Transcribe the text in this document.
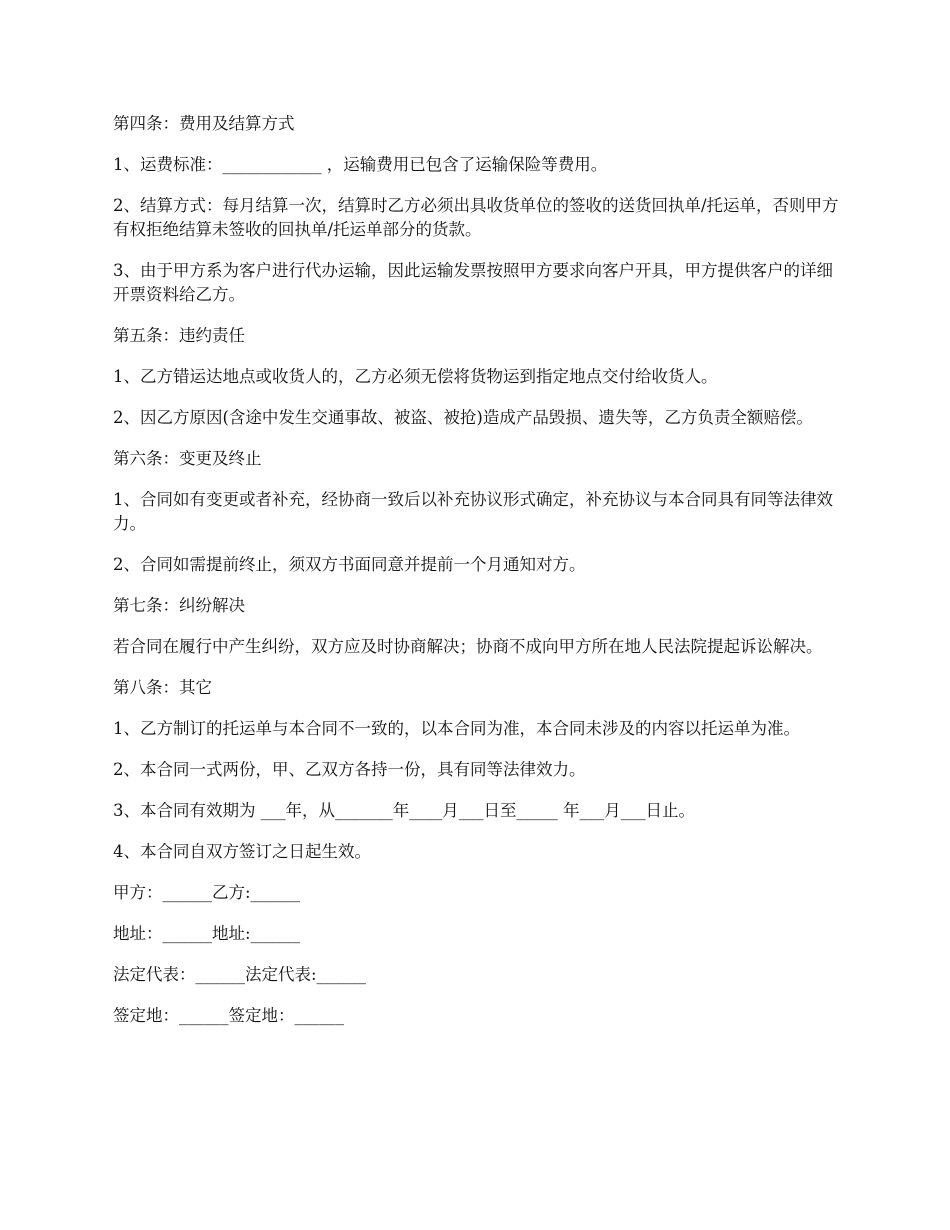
第四条：费用及结算方式

1、运费标准：____________ ，运输费用已包含了运输保险等费用。

2、结算方式：每月结算一次，结算时乙方必须出具收货单位的签收的送货回执单/托运单，否则甲方有权拒绝结算未签收的回执单/托运单部分的货款。

3、由于甲方系为客户进行代办运输，因此运输发票按照甲方要求向客户开具，甲方提供客户的详细开票资料给乙方。

第五条：违约责任

1、乙方错运达地点或收货人的，乙方必须无偿将货物运到指定地点交付给收货人。

2、因乙方原因(含途中发生交通事故、被盗、被抢)造成产品毁损、遗失等，乙方负责全额赔偿。

第六条：变更及终止

1、合同如有变更或者补充，经协商一致后以补充协议形式确定，补充协议与本合同具有同等法律效力。

2、合同如需提前终止，须双方书面同意并提前一个月通知对方。

第七条：纠纷解决

若合同在履行中产生纠纷，双方应及时协商解决；协商不成向甲方所在地人民法院提起诉讼解决。

第八条：其它

1、乙方制订的托运单与本合同不一致的，以本合同为准，本合同未涉及的内容以托运单为准。

2、本合同一式两份，甲、乙双方各持一份，具有同等法律效力。

3、本合同有效期为 ___年，从_______年____月___日至_____ 年___月___日止。

4、本合同自双方签订之日起生效。

甲方：______乙方:______

地址：______地址:______

法定代表：______法定代表:______

签定地：______签定地：______
